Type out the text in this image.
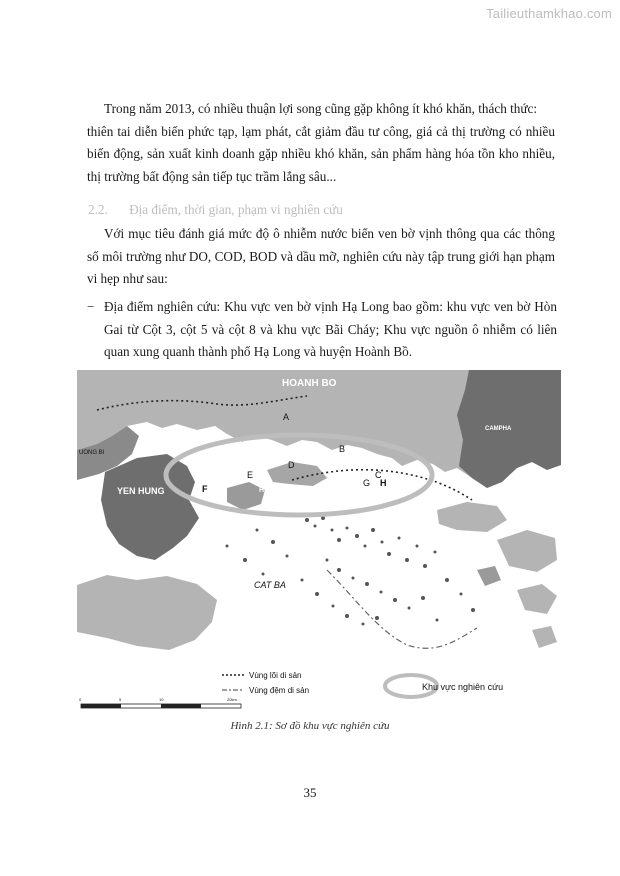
Tailieuthamkhao.com
Trong năm 2013, có nhiều thuận lợi song cũng gặp không ít khó khăn, thách thức:
thiên tai diễn biến phức tạp, lạm phát, cắt giảm đầu tư công, giá cả thị trường có nhiều biến động, sản xuất kinh doanh gặp nhiều khó khăn, sản phẩm hàng hóa tồn kho nhiều, thị trường bất động sản tiếp tục trầm lắng sâu...
2.2. Địa điểm, thời gian, phạm vi nghiên cứu
Với mục tiêu đánh giá mức độ ô nhiễm nước biển ven bờ vịnh thông qua các thông số môi trường như DO, COD, BOD và dầu mỡ, nghiên cứu này tập trung giới hạn phạm vi hẹp như sau:
− Địa điểm nghiên cứu: Khu vực ven bờ vịnh Hạ Long bao gồm: khu vực ven bờ Hòn Gai từ Cột 3, cột 5 và cột 8 và khu vực Bãi Cháy; Khu vực nguồn ô nhiễm có liên quan xung quanh thành phố Hạ Long và huyện Hoành Bồ.
HOANH BO
CAMPHA
UONG BI
YEN HUNG	HALONG
CAT BA
A
B
C
D
E
F
G H
Vùng lõi di sản
Vùng đệm di sản	Khu vực nghiên cứu
0	5	10	20km
Hình 2.1: Sơ đồ khu vực nghiên cứu
35
